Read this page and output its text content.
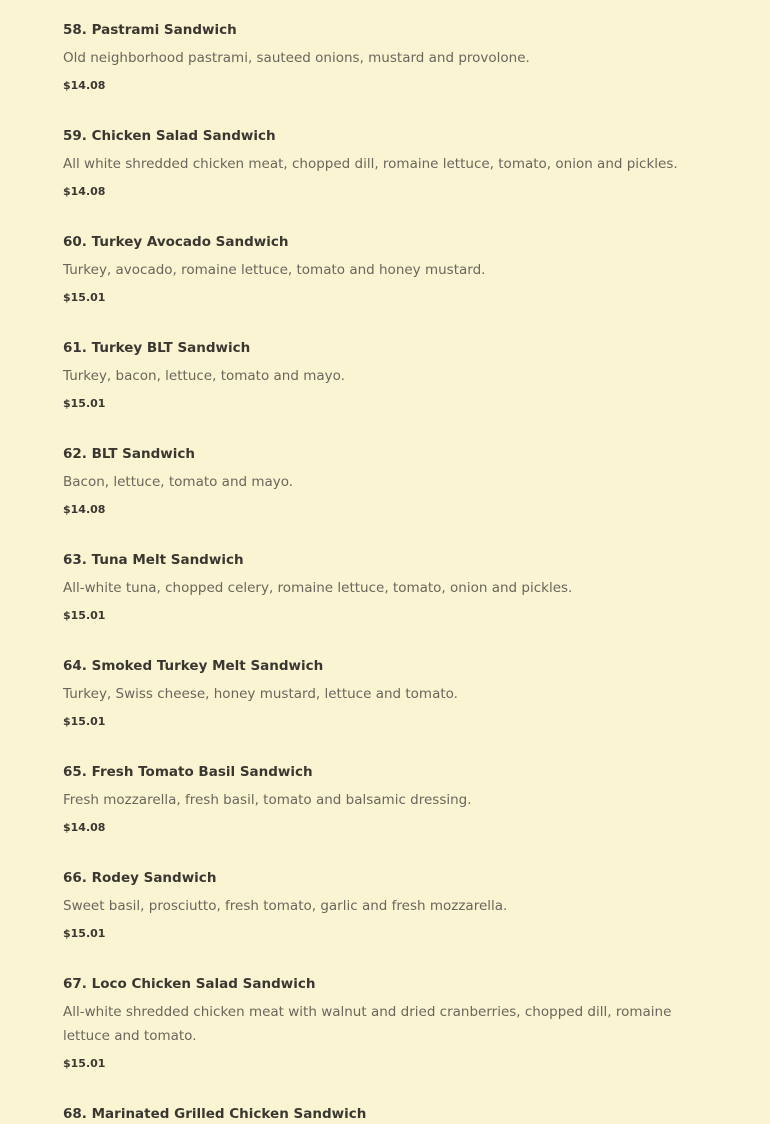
58. Pastrami Sandwich

Old neighborhood pastrami, sauteed onions, mustard and provolone.

$14.08

59. Chicken Salad Sandwich

All white shredded chicken meat, chopped dill, romaine lettuce, tomato, onion and pickles.

$14.08

60. Turkey Avocado Sandwich

Turkey, avocado, romaine lettuce, tomato and honey mustard.

$15.01

61. Turkey BLT Sandwich

Turkey, bacon, lettuce, tomato and mayo.

$15.01

62. BLT Sandwich

Bacon, lettuce, tomato and mayo.

$14.08

63. Tuna Melt Sandwich

All-white tuna, chopped celery, romaine lettuce, tomato, onion and pickles.

$15.01

64. Smoked Turkey Melt Sandwich

Turkey, Swiss cheese, honey mustard, lettuce and tomato.

$15.01

65. Fresh Tomato Basil Sandwich

Fresh mozzarella, fresh basil, tomato and balsamic dressing.

$14.08

66. Rodey Sandwich

Sweet basil, prosciutto, fresh tomato, garlic and fresh mozzarella.

$15.01

67. Loco Chicken Salad Sandwich

All-white shredded chicken meat with walnut and dried cranberries, chopped dill, romaine lettuce and tomato.

$15.01

68. Marinated Grilled Chicken Sandwich
